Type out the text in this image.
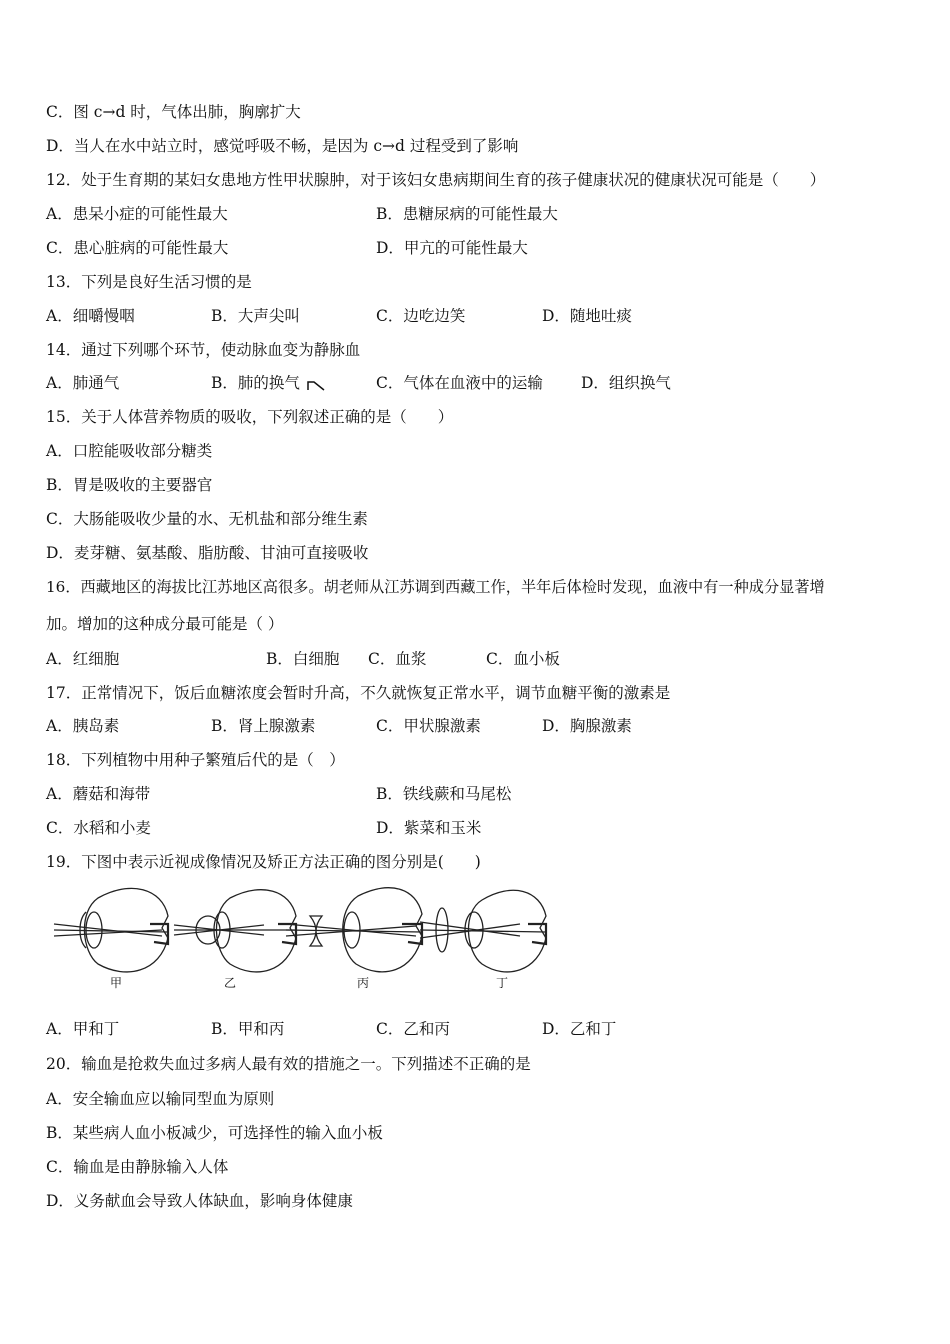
C．图 c→d 时，气体出肺，胸廓扩大
D．当人在水中站立时，感觉呼吸不畅，是因为 c→d 过程受到了影响
12．处于生育期的某妇女患地方性甲状腺肿，对于该妇女患病期间生育的孩子健康状况的健康状况可能是（　　）
A．患呆小症的可能性最大	B．患糖尿病的可能性最大
C．患心脏病的可能性最大	D．甲亢的可能性最大
13．下列是良好生活习惯的是
A．细嚼慢咽	B．大声尖叫	C．边吃边笑	D．随地吐痰
14．通过下列哪个环节，使动脉血变为静脉血
A．肺通气	B．肺的换气	C．气体在血液中的运输 D．组织换气
15．关于人体营养物质的吸收，下列叙述正确的是（　　）
A．口腔能吸收部分糖类
B．胃是吸收的主要器官
C．大肠能吸收少量的水、无机盐和部分维生素
D．麦芽糖、氨基酸、脂肪酸、甘油可直接吸收
16．西藏地区的海拔比江苏地区高很多。胡老师从江苏调到西藏工作，半年后体检时发现，血液中有一种成分显著增
加。增加的这种成分最可能是（ ）
A．红细胞	B．白细胞 C．血浆	C．血小板
17．正常情况下，饭后血糖浓度会暂时升高，不久就恢复正常水平，调节血糖平衡的激素是
A．胰岛素	B．肾上腺激素	C．甲状腺激素	D．胸腺激素
18．下列植物中用种子繁殖后代的是（　）
A．蘑菇和海带	B．铁线蕨和马尾松
C．水稻和小麦	D．紫菜和玉米
19．下图中表示近视成像情况及矫正方法正确的图分别是(　　)
甲	乙	丙	丁
A．甲和丁	B．甲和丙	C．乙和丙	D．乙和丁
20．输血是抢救失血过多病人最有效的措施之一。下列描述不正确的是
A．安全输血应以输同型血为原则
B．某些病人血小板减少，可选择性的输入血小板
C．输血是由静脉输入人体
D．义务献血会导致人体缺血，影响身体健康
